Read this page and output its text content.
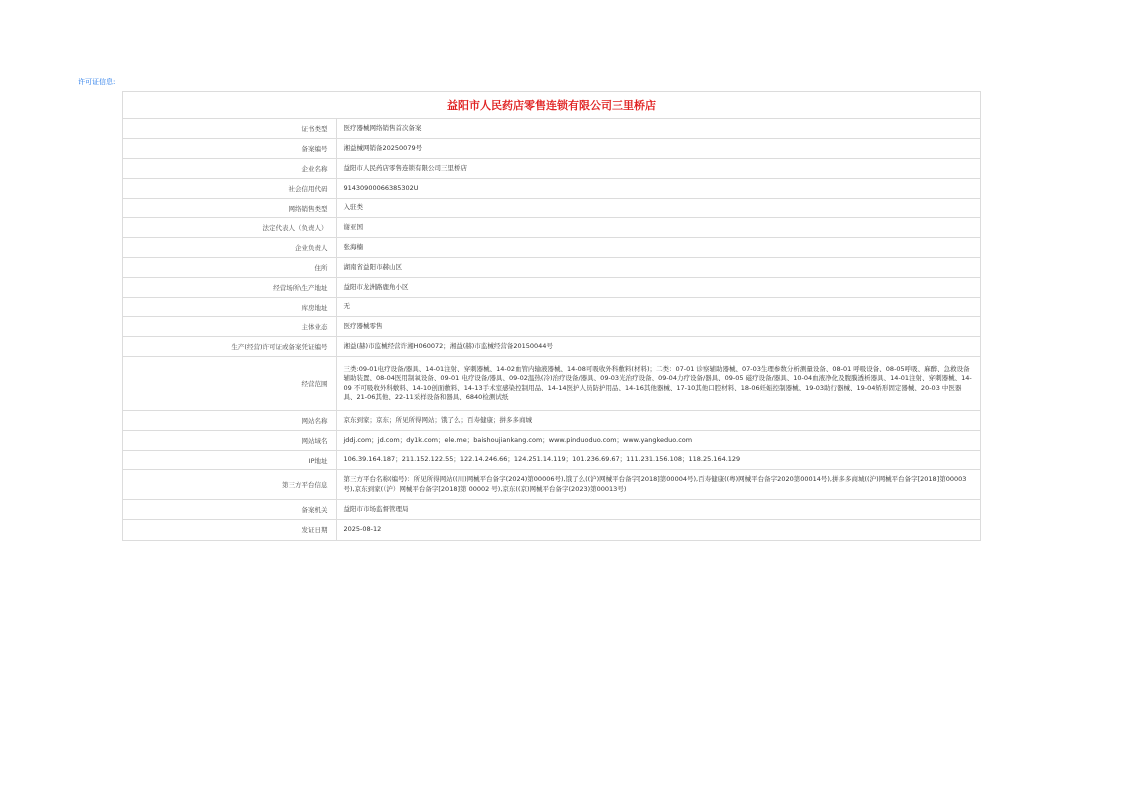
许可证信息:
益阳市人民药店零售连锁有限公司三里桥店
证书类型	医疗器械网络销售首次备案
备案编号	湘益械网销备20250079号
企业名称	益阳市人民药店零售连锁有限公司三里桥店
社会信用代码	91430900066385302U
网络销售类型	入驻类
法定代表人（负责人）	谢亚国
企业负责人	张海楠
住所	湖南省益阳市赫山区
经营场所\生产地址	益阳市龙洲路鹿角小区
库房地址	无
主体业态	医疗器械零售
生产(经营)许可证或备案凭证编号	湘益(赫)市监械经营许湘H060072；湘益(赫)市监械经营备20150044号
经营范围	三类:09-01电疗设备/器具、14-01注射、穿刺器械、14-02血管内输液器械、14-08可吸收外科敷料(材料)；二类：07-01 诊察辅助器械、07-03生理参数分析测量设备、08-01 呼吸设备、08-05呼吸、麻醉、急救设备辅助装置、08-04医用制氧设备、09-01 电疗设备/器具、09-02温热(冷)治疗设备/器具、09-03光治疗设备、09-04力疗设备/器具、09-05 磁疗设备/器具、10-04血液净化及腹膜透析器具、14-01注射、穿刺器械、14-09 不可吸收外科敷料、14-10创面敷料、14-13手术室感染控制用品、14-14医护人员防护用品、14-16其他器械、17-10其他口腔材料、18-06妊娠控制器械、19-03助行器械、19-04矫形固定器械、20-03 中医器具、21-06其他、22-11采样设备和器具、6840检测试纸
网站名称	京东到家；京东；所见所得网站；饿了么；百寿健康；拼多多商城
网站域名	jddj.com；jd.com；dy1k.com；ele.me；baishoujiankang.com；www.pinduoduo.com；www.yangkeduo.com
IP地址	106.39.164.187；211.152.122.55；122.14.246.66；124.251.14.119；101.236.69.67；111.231.156.108；118.25.164.129
第三方平台信息	第三方平台名称(编号)：所见所得网站((川)网械平台备字(2024)第00006号),饿了么((沪)网械平台备字[2018]第00004号),百寿健康((粤)网械平台备字2020第00014号),拼多多商城((沪)网械平台备字[2018]第00003号),京东到家(（沪）网械平台备字[2018]第 00002 号),京东((京)网械平台备字(2023)第00013号)
备案机关	益阳市市场监督管理局
发证日期	2025-08-12
